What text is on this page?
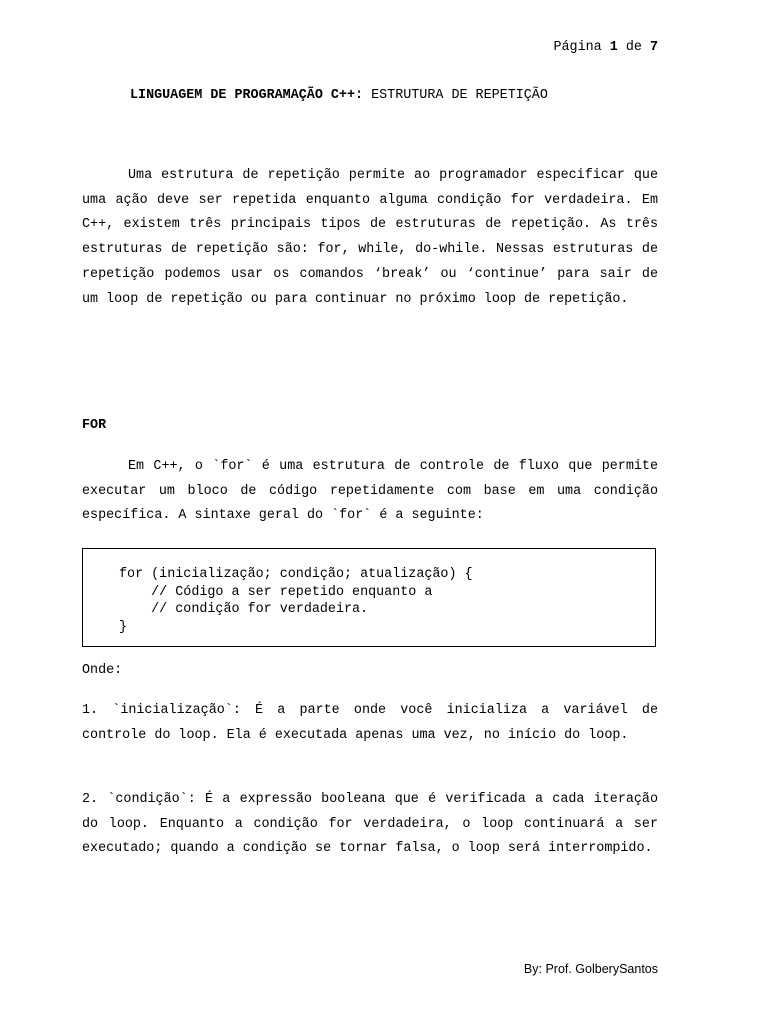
Página 1 de 7
LINGUAGEM DE PROGRAMAÇÃO C++: ESTRUTURA DE REPETIÇÃO

Uma estrutura de repetição permite ao programador especificar que uma ação deve ser repetida enquanto alguma condição for verdadeira. Em C++, existem três principais tipos de estruturas de repetição. As três estruturas de repetição são: for, while, do-while. Nessas estruturas de repetição podemos usar os comandos ‘break’ ou ‘continue’ para sair de um loop de repetição ou para continuar no próximo loop de repetição.

FOR

Em C++, o `for` é uma estrutura de controle de fluxo que permite executar um bloco de código repetidamente com base em uma condição específica. A sintaxe geral do `for` é a seguinte:

for (inicialização; condição; atualização) {
// Código a ser repetido enquanto a
// condição for verdadeira.
}
Onde:

1. `inicialização`: É a parte onde você inicializa a variável de controle do loop. Ela é executada apenas uma vez, no início do loop.

2. `condição`: É a expressão booleana que é verificada a cada iteração do loop. Enquanto a condição for verdadeira, o loop continuará a ser executado; quando a condição se tornar falsa, o loop será interrompido.

By: Prof. GolberySantos
